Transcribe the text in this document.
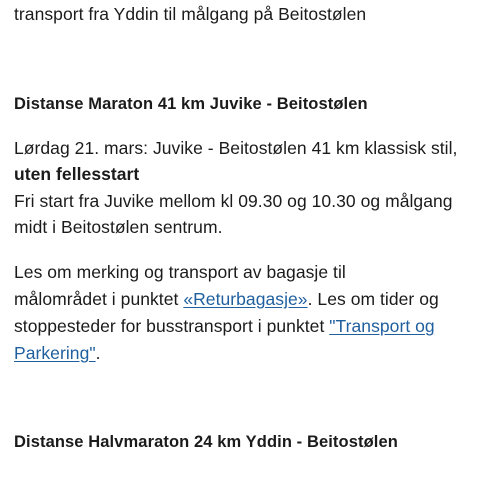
transport fra Yddin til målgang på Beitostølen

Distanse Maraton 41 km Juvike - Beitostølen

Lørdag 21. mars: Juvike - Beitostølen 41 km klassisk stil,

uten fellesstart

Fri start fra Juvike mellom kl 09.30 og 10.30 og målgang

midt i Beitostølen sentrum.

Les om merking og transport av bagasje til

målområdet i punktet «Returbagasje». Les om tider og

stoppesteder for busstransport i punktet "Transport og

Parkering".

Distanse Halvmaraton 24 km Yddin - Beitostølen
